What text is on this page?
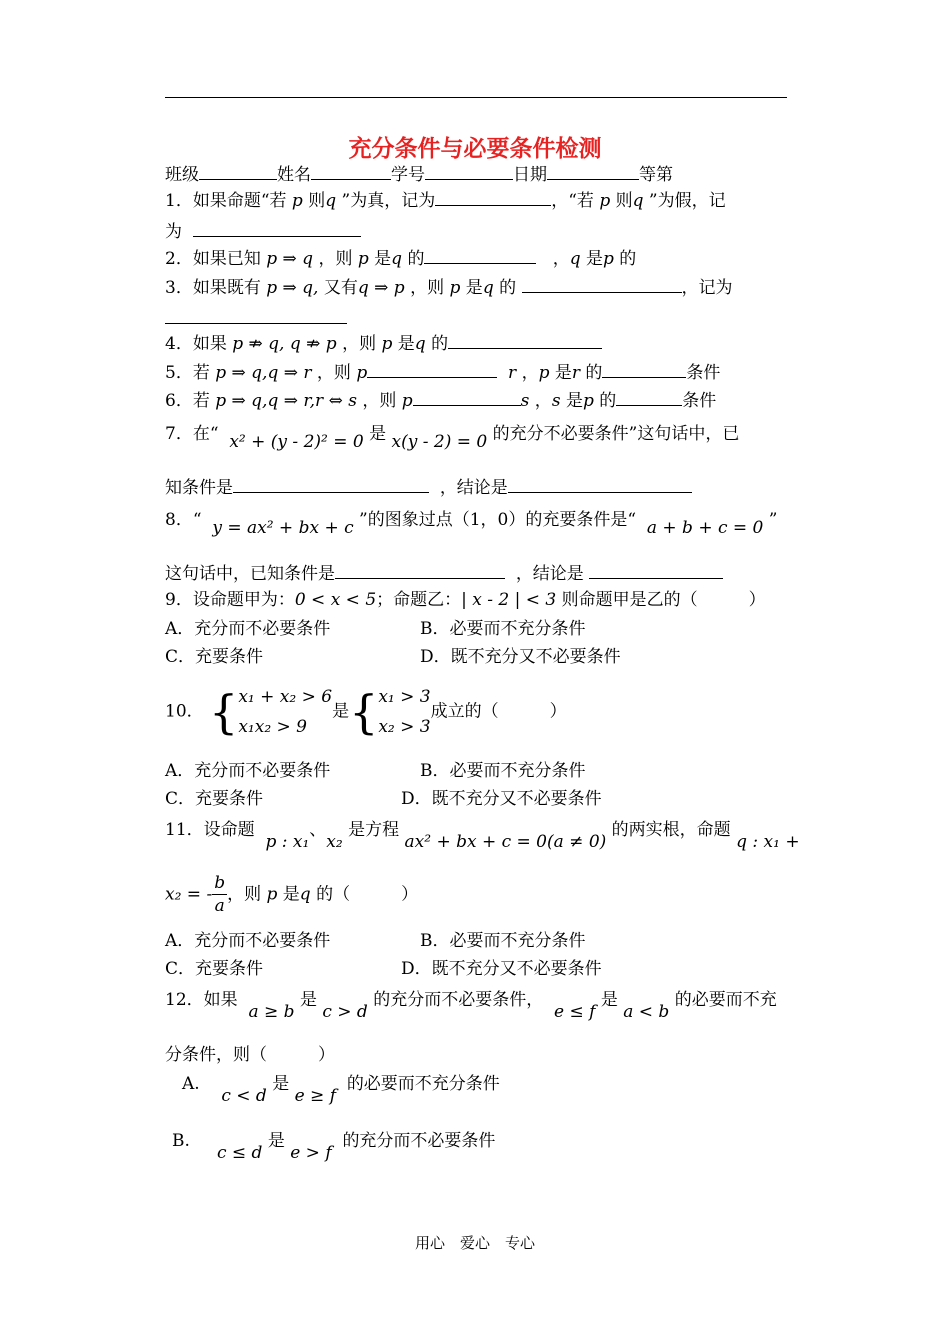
充分条件与必要条件检测
班级	姓名	学号	日期	等第
1．如果命题“若 p 则q ”为真，记为	，“若 p 则q ”为假，记
为
2．如果已知 p ⇒ q ，则 p 是q 的	，q 是p 的
3．如果既有 p ⇒ q, 又有q ⇒ p ，则 p 是q 的	，记为
4．如果 p ⇏ q, q ⇏ p ，则 p 是q 的
5．若 p ⇒ q,q ⇒ r ，则 p	r ，p 是r 的	条件
6．若 p ⇒ q,q ⇒ r,r ⇔ s ，则 p	s ，s 是p 的	条件
7．在“ x² + (y - 2)² = 0 是 x(y - 2) = 0 的充分不必要条件”这句话中，已
知条件是	，结论是
8．“ y = ax² + bx + c ”的图象过点（1，0）的充要条件是“ a + b + c = 0 ”
这句话中，已知条件是	，结论是
9．设命题甲为：0 < x < 5；命题乙：| x - 2 | < 3 则命题甲是乙的（　　　）
A．充分而不必要条件	B．必要而不充分条件
C．充要条件	D．既不充分又不必要条件
10． { x₁ + x₂ > 6
x₁x₂ > 9
是{ x₁ > 3
x₂ > 3
成立的（　　　）
A．充分而不必要条件	B．必要而不充分条件
C．充要条件	D．既不充分又不必要条件
11．设命题  p : x₁、x₂ 是方程 ax² + bx + c = 0(a ≠ 0) 的两实根，命题 q : x₁ +
x₂ = - $\frac{b}{a}$ ，则 p 是q 的（　　　）
A．充分而不必要条件	B．必要而不充分条件
C．充要条件	D．既不充分又不必要条件
12．如果  a ≥ b 是 c > d 的充分而不必要条件，  e ≤ f 是 a < b 的必要而不充
分条件，则（　　　）
A.    c < d 是 e ≥ f  的必要而不充分条件
B.     c ≤ d 是 e > f  的充分而不必要条件
用心　爱心　专心
